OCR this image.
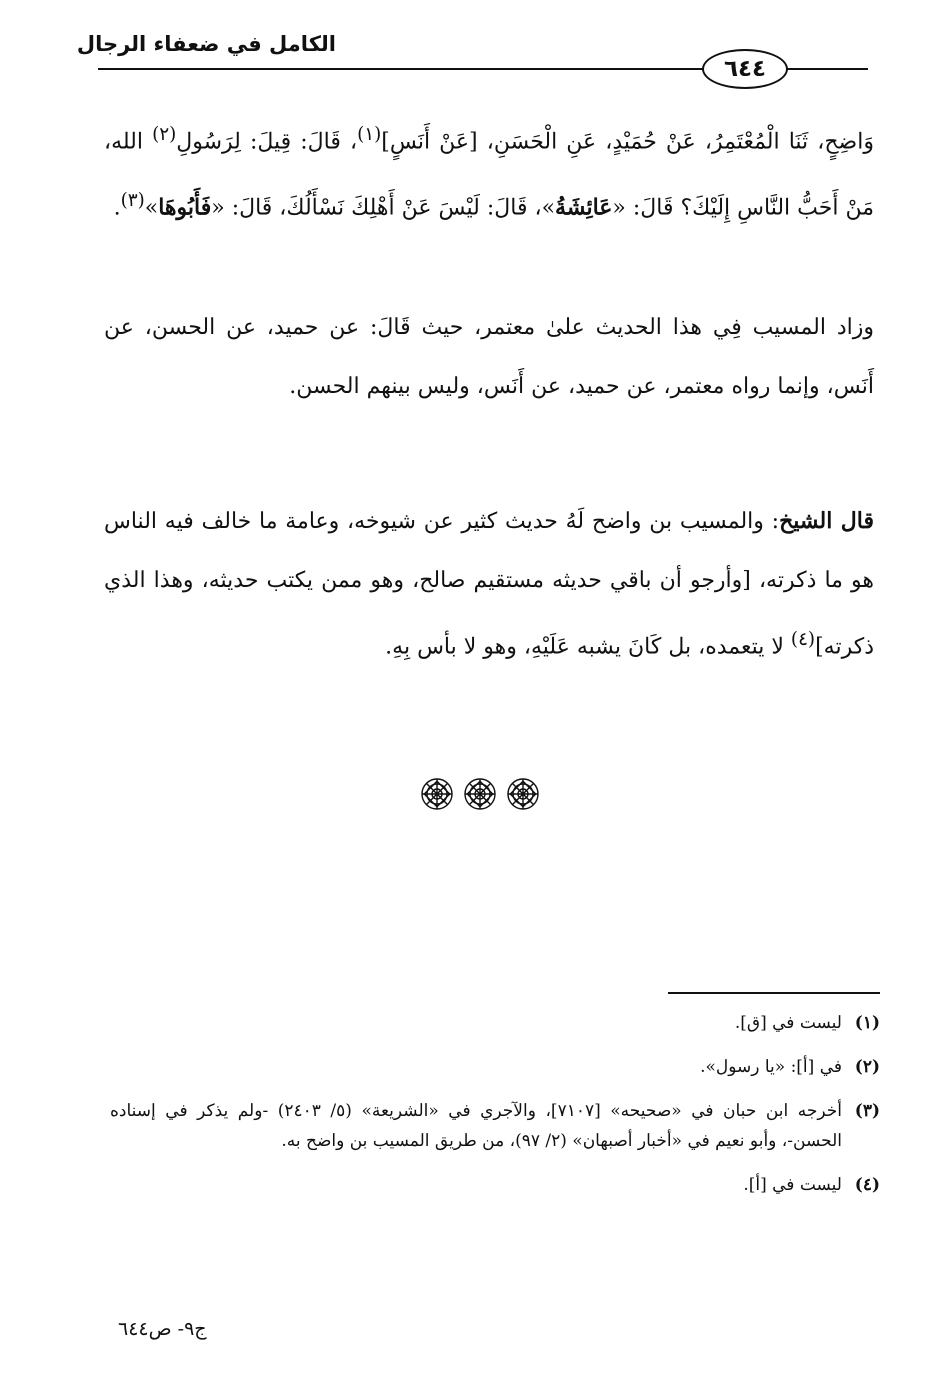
الكامل في ضعفاء الرجال
٦٤٤

وَاضِحٍ، ثَنَا الْمُعْتَمِرُ، عَنْ حُمَيْدٍ، عَنِ الْحَسَنِ، [عَنْ أَنَسٍ]$^{(١)}$، قَالَ: قِيلَ: لِرَسُولِ$^{(٢)}$ الله، مَنْ أَحَبُّ النَّاسِ إِلَيْكَ؟ قَالَ: «عَائِشَةُ»، قَالَ: لَيْسَ عَنْ أَهْلِكَ نَسْأَلُكَ، قَالَ: «فَأَبُوهَا»$^{(٣)}$.

وزاد المسيب فِي هذا الحديث علىٰ معتمر، حيث قَالَ: عن حميد، عن الحسن، عن أَنَس، وإنما رواه معتمر، عن حميد، عن أَنَس، وليس بينهم الحسن.

قال الشيخ: والمسيب بن واضح لَهُ حديث كثير عن شيوخه، وعامة ما خالف فيه الناس هو ما ذكرته، [وأرجو أن باقي حديثه مستقيم صالح، وهو ممن يكتب حديثه، وهذا الذي ذكرته]$^{(٤)}$ لا يتعمده، بل كَانَ يشبه عَلَيْهِ، وهو لا بأس بِهِ.

(١)
ليست في [ق].
(٢)
في [أ]: «يا رسول».
(٣)
أخرجه ابن حبان في «صحيحه» [٧١٠٧]، والآجري في «الشريعة» (٥/ ٢٤٠٣) -ولم يذكر في إسناده الحسن-، وأبو نعيم في «أخبار أصبهان» (٢/ ٩٧)، من طريق المسيب بن واضح به.
(٤)
ليست في [أ].
ج٩- ص٦٤٤
